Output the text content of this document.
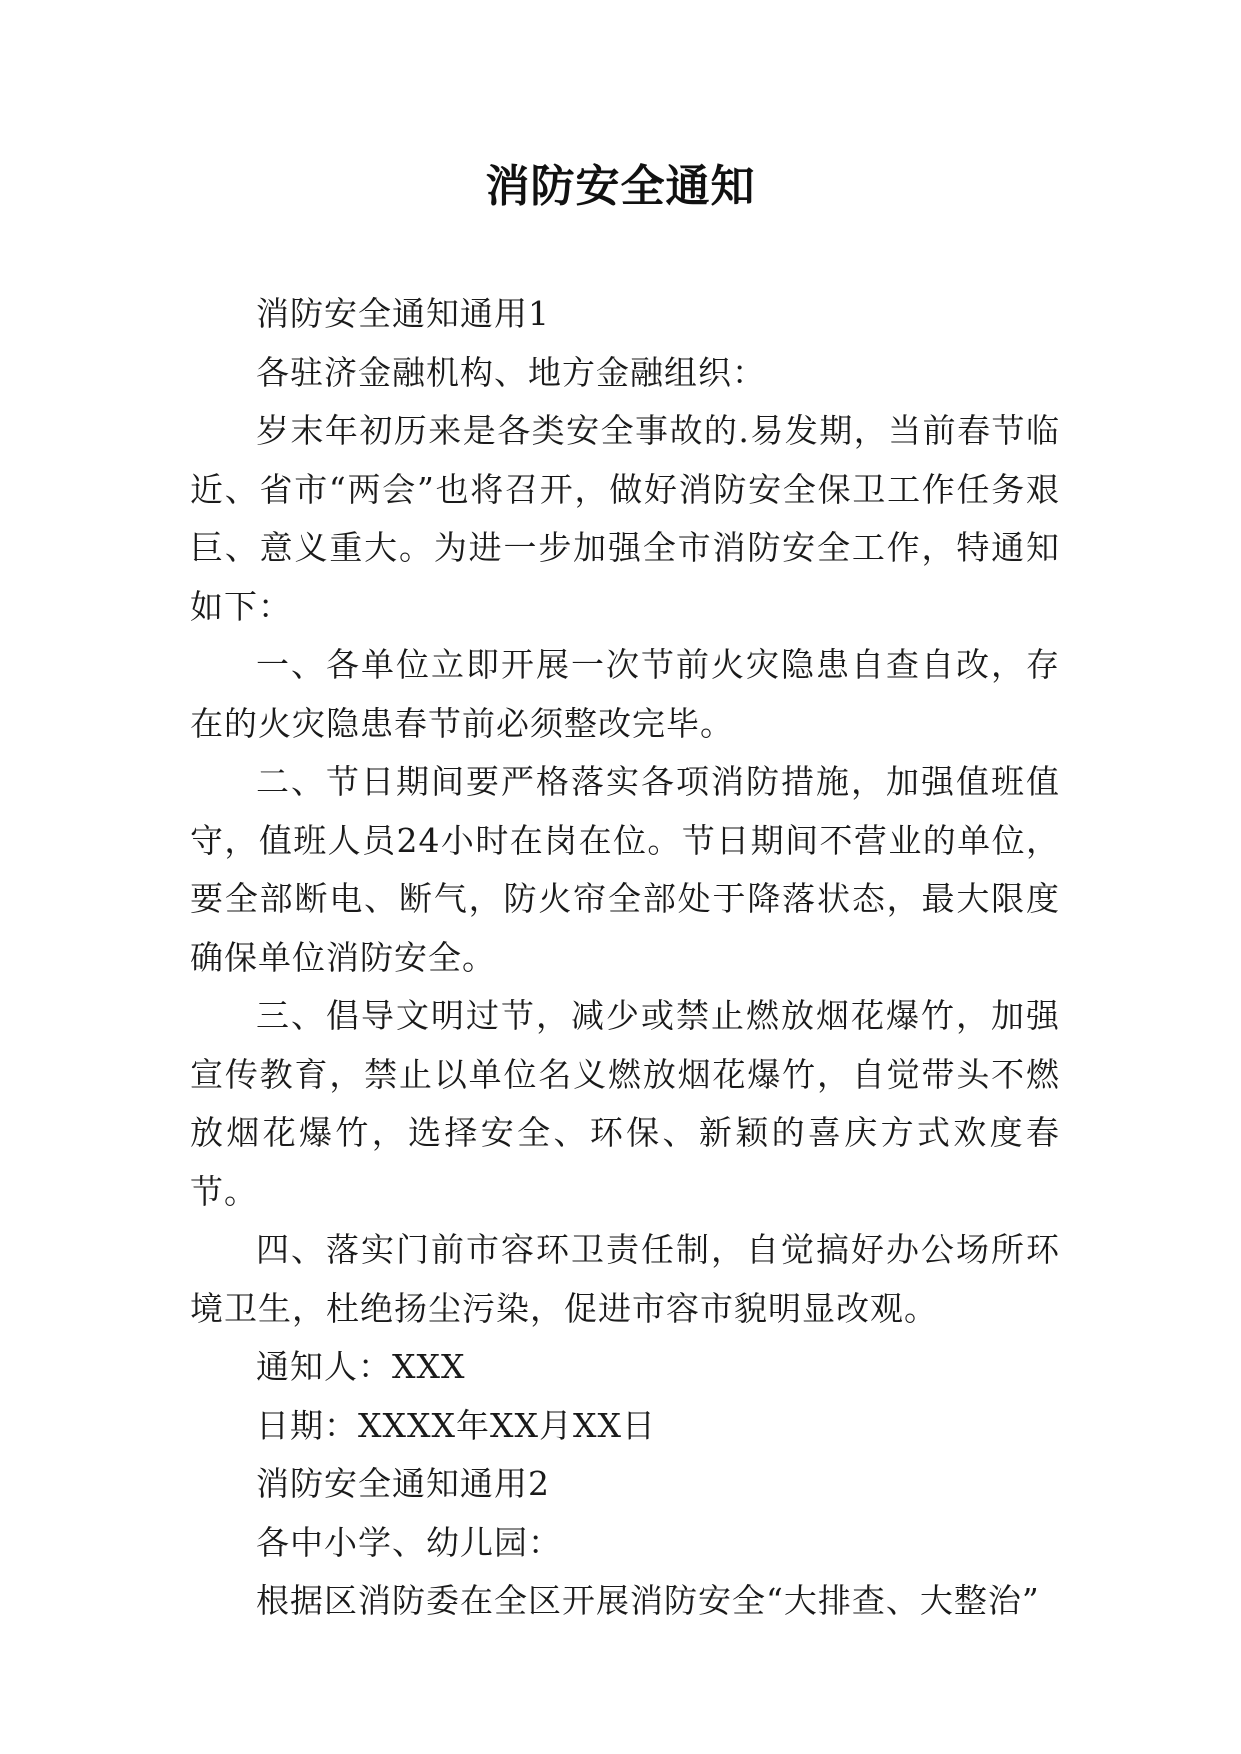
消防安全通知

消防安全通知通用1

各驻济金融机构、地方金融组织：

岁末年初历来是各类安全事故的.易发期，当前春节临近、省市“两会”也将召开，做好消防安全保卫工作任务艰巨、意义重大。为进一步加强全市消防安全工作，特通知如下：

一、各单位立即开展一次节前火灾隐患自查自改，存在的火灾隐患春节前必须整改完毕。

二、节日期间要严格落实各项消防措施，加强值班值守，值班人员24小时在岗在位。节日期间不营业的单位，要全部断电、断气，防火帘全部处于降落状态，最大限度确保单位消防安全。

三、倡导文明过节，减少或禁止燃放烟花爆竹，加强宣传教育，禁止以单位名义燃放烟花爆竹，自觉带头不燃放烟花爆竹，选择安全、环保、新颖的喜庆方式欢度春节。

四、落实门前市容环卫责任制，自觉搞好办公场所环境卫生，杜绝扬尘污染，促进市容市貌明显改观。

通知人：XXX

日期：XXXX年XX月XX日

消防安全通知通用2

各中小学、幼儿园：

根据区消防委在全区开展消防安全“大排查、大整治”
